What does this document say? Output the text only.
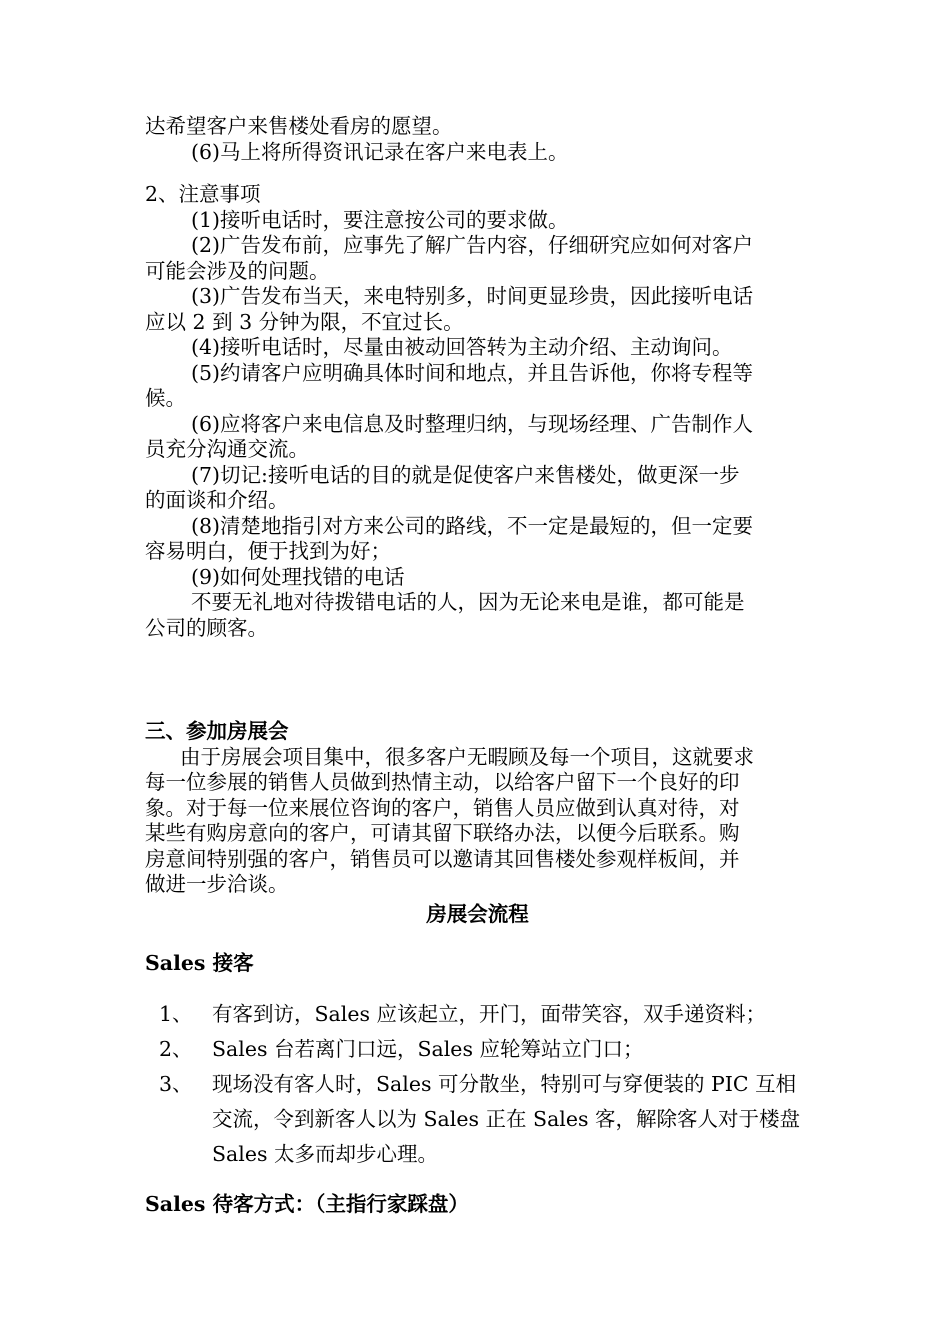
达希望客户来售楼处看房的愿望。

(6)马上将所得资讯记录在客户来电表上。

2、注意事项

(1)接听电话时，要注意按公司的要求做。

(2)广告发布前，应事先了解广告内容，仔细研究应如何对客户

可能会涉及的问题。

(3)广告发布当天，来电特别多，时间更显珍贵，因此接听电话

应以 2 到 3 分钟为限，不宜过长。

(4)接听电话时，尽量由被动回答转为主动介绍、主动询问。

(5)约请客户应明确具体时间和地点，并且告诉他，你将专程等

候。

(6)应将客户来电信息及时整理归纳，与现场经理、广告制作人

员充分沟通交流。

(7)切记:接听电话的目的就是促使客户来售楼处，做更深一步

的面谈和介绍。

(8)清楚地指引对方来公司的路线，不一定是最短的，但一定要

容易明白，便于找到为好；

(9)如何处理找错的电话

不要无礼地对待拨错电话的人，因为无论来电是谁，都可能是

公司的顾客。

三、参加房展会

由于房展会项目集中，很多客户无暇顾及每一个项目，这就要求

每一位参展的销售人员做到热情主动，以给客户留下一个良好的印

象。对于每一位来展位咨询的客户，销售人员应做到认真对待，对

某些有购房意向的客户，可请其留下联络办法，以便今后联系。购

房意间特别强的客户，销售员可以邀请其回售楼处参观样板间，并

做进一步洽谈。

房展会流程

Sales 接客

1、 有客到访，Sales 应该起立，开门，面带笑容，双手递资料；
2、 Sales 台若离门口远，Sales 应轮筹站立门口；
3、 现场没有客人时，Sales 可分散坐，特别可与穿便装的 PIC 互相交流，令到新客人以为 Sales 正在 Sales 客，解除客人对于楼盘 Sales 太多而却步心理。

Sales 待客方式：（主指行家踩盘）
